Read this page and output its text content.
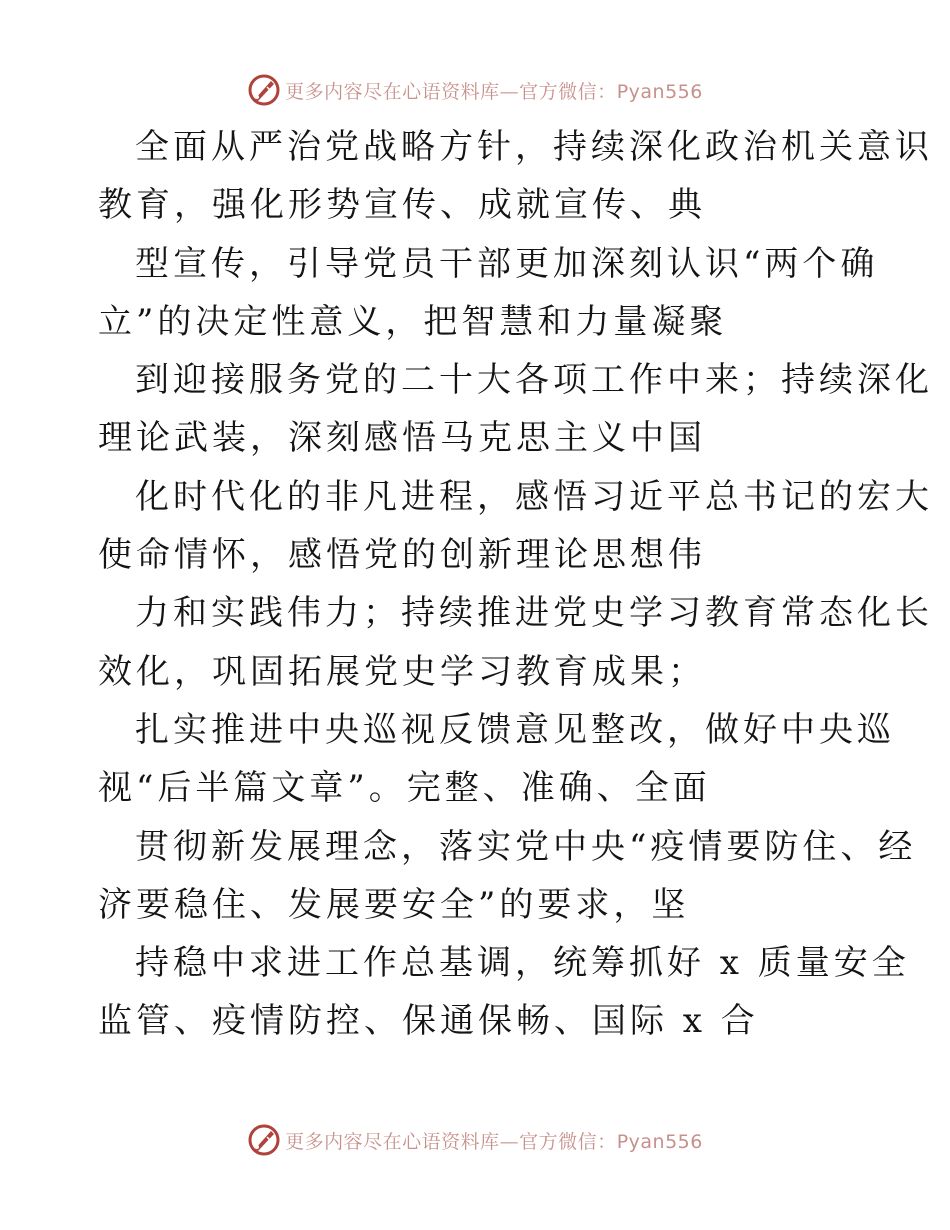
更多内容尽在心语资料库—官方微信：Pyan556
全面从严治党战略方针，持续深化政治机关意识
教育，强化形势宣传、成就宣传、典
型宣传，引导党员干部更加深刻认识“两个确
立”的决定性意义，把智慧和力量凝聚
到迎接服务党的二十大各项工作中来；持续深化
理论武装，深刻感悟马克思主义中国
化时代化的非凡进程，感悟习近平总书记的宏大
使命情怀，感悟党的创新理论思想伟
力和实践伟力；持续推进党史学习教育常态化长
效化，巩固拓展党史学习教育成果；
扎实推进中央巡视反馈意见整改，做好中央巡
视“后半篇文章”。完整、准确、全面
贯彻新发展理念，落实党中央“疫情要防住、经
济要稳住、发展要安全”的要求，坚
持稳中求进工作总基调，统筹抓好 x 质量安全
监管、疫情防控、保通保畅、国际 x 合
更多内容尽在心语资料库—官方微信：Pyan556
